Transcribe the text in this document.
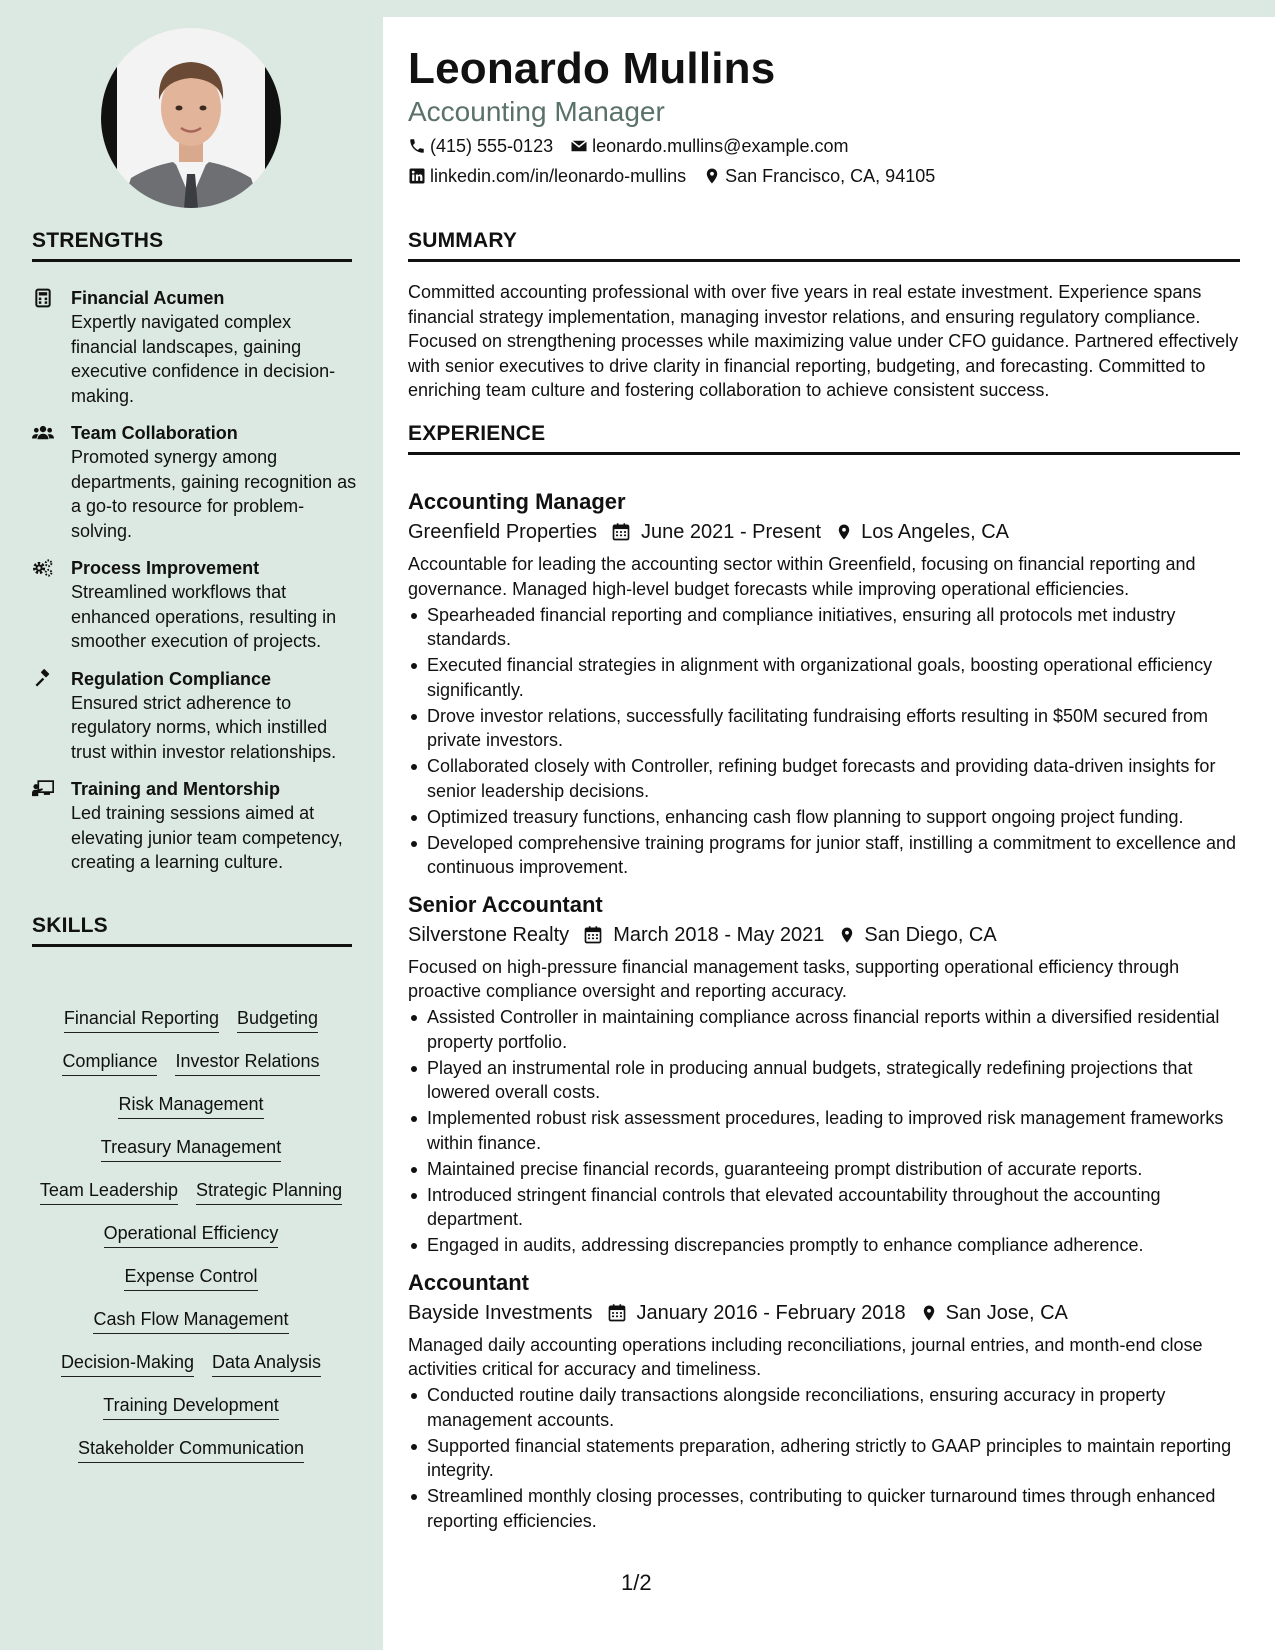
STRENGTHS
Financial Acumen
Expertly navigated complex financial landscapes, gaining executive confidence in decision-making.
Team Collaboration
Promoted synergy among departments, gaining recognition as a go-to resource for problem-solving.
Process Improvement
Streamlined workflows that enhanced operations, resulting in smoother execution of projects.
Regulation Compliance
Ensured strict adherence to regulatory norms, which instilled trust within investor relationships.
Training and Mentorship
Led training sessions aimed at elevating junior team competency, creating a learning culture.
SKILLS
Financial Reporting Budgeting
Compliance Investor Relations
Risk Management
Treasury Management
Team Leadership Strategic Planning
Operational Efficiency
Expense Control
Cash Flow Management
Decision-Making Data Analysis
Training Development
Stakeholder Communication
Leonardo Mullins
Accounting Manager
(415) 555-0123 leonardo.mullins@example.com
linkedin.com/in/leonardo-mullins San Francisco, CA, 94105
SUMMARY
Committed accounting professional with over five years in real estate investment. Experience spans financial strategy implementation, managing investor relations, and ensuring regulatory compliance. Focused on strengthening processes while maximizing value under CFO guidance. Partnered effectively with senior executives to drive clarity in financial reporting, budgeting, and forecasting. Committed to enriching team culture and fostering collaboration to achieve consistent success.
EXPERIENCE
Accounting Manager
Greenfield Properties June 2021 - Present Los Angeles, CA
Accountable for leading the accounting sector within Greenfield, focusing on financial reporting and governance. Managed high-level budget forecasts while improving operational efficiencies.
Spearheaded financial reporting and compliance initiatives, ensuring all protocols met industry standards.
Executed financial strategies in alignment with organizational goals, boosting operational efficiency significantly.
Drove investor relations, successfully facilitating fundraising efforts resulting in $50M secured from private investors.
Collaborated closely with Controller, refining budget forecasts and providing data-driven insights for senior leadership decisions.
Optimized treasury functions, enhancing cash flow planning to support ongoing project funding.
Developed comprehensive training programs for junior staff, instilling a commitment to excellence and continuous improvement.
Senior Accountant
Silverstone Realty March 2018 - May 2021 San Diego, CA
Focused on high-pressure financial management tasks, supporting operational efficiency through proactive compliance oversight and reporting accuracy.
Assisted Controller in maintaining compliance across financial reports within a diversified residential property portfolio.
Played an instrumental role in producing annual budgets, strategically redefining projections that lowered overall costs.
Implemented robust risk assessment procedures, leading to improved risk management frameworks within finance.
Maintained precise financial records, guaranteeing prompt distribution of accurate reports.
Introduced stringent financial controls that elevated accountability throughout the accounting department.
Engaged in audits, addressing discrepancies promptly to enhance compliance adherence.
Accountant
Bayside Investments January 2016 - February 2018 San Jose, CA
Managed daily accounting operations including reconciliations, journal entries, and month-end close activities critical for accuracy and timeliness.
Conducted routine daily transactions alongside reconciliations, ensuring accuracy in property management accounts.
Supported financial statements preparation, adhering strictly to GAAP principles to maintain reporting integrity.
Streamlined monthly closing processes, contributing to quicker turnaround times through enhanced reporting efficiencies.
1/2
